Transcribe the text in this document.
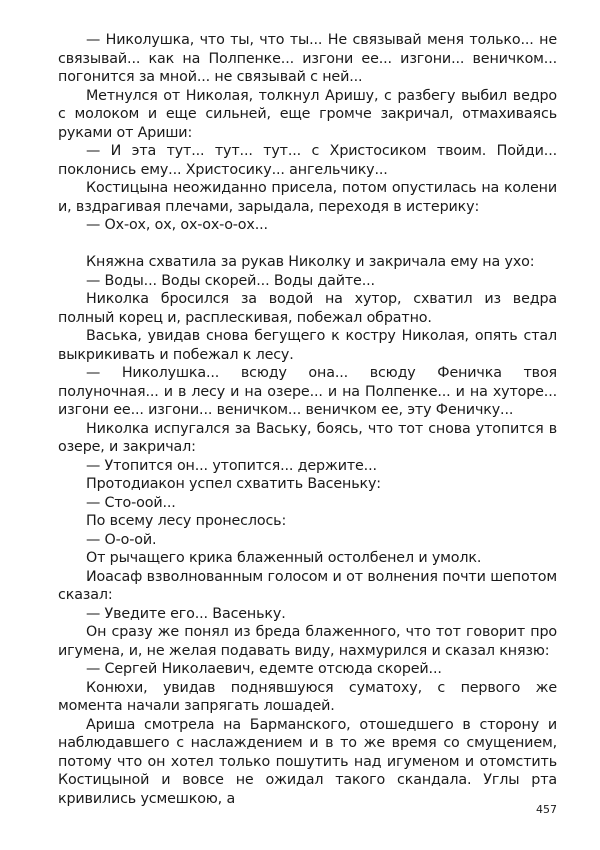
— Николушка, что ты, что ты... Не связывай меня только... не связывай... как на Полпенке... изгони ее... изгони... веничком... погонится за мной... не связывай с ней...

Метнулся от Николая, толкнул Аришу, с разбегу выбил ведро с молоком и еще сильней, еще громче закричал, отмахиваясь руками от Ариши:

— И эта тут... тут... тут... с Христосиком твоим. Пойди... поклонись ему... Христосику... ангельчику...

Костицына неожиданно присела, потом опустилась на колени и, вздрагивая плечами, зарыдала, переходя в истерику:

— Ох-ох, ох, ох-ох-о-ох...

Княжна схватила за рукав Николку и закричала ему на ухо:

— Воды... Воды скорей... Воды дайте...

Николка бросился за водой на хутор, схватил из ведра полный корец и, расплескивая, побежал обратно.

Васька, увидав снова бегущего к костру Николая, опять стал выкрикивать и побежал к лесу.

— Николушка... всюду она... всюду Феничка твоя полуночная... и в лесу и на озере... и на Полпенке... и на хуторе... изгони ее... изгони... веничком... веничком ее, эту Феничку...

Николка испугался за Ваську, боясь, что тот снова утопится в озере, и закричал:

— Утопится он... утопится... держите...

Протодиакон успел схватить Васеньку:

— Сто-оой...

По всему лесу пронеслось:

— О-о-ой.

От рычащего крика блаженный остолбенел и умолк.

Иоасаф взволнованным голосом и от волнения почти шепотом сказал:

— Уведите его... Васеньку.

Он сразу же понял из бреда блаженного, что тот говорит про игумена, и, не желая подавать виду, нахмурился и сказал князю:

— Сергей Николаевич, едемте отсюда скорей...

Конюхи, увидав поднявшуюся суматоху, с первого же момента начали запрягать лошадей.

Ариша смотрела на Барманского, отошедшего в сторону и наблюдавшего с наслаждением и в то же время со смущением, потому что он хотел только пошутить над игуменом и отомстить Костицыной и вовсе не ожидал такого скандала. Углы рта кривились усмешкою, а

457
